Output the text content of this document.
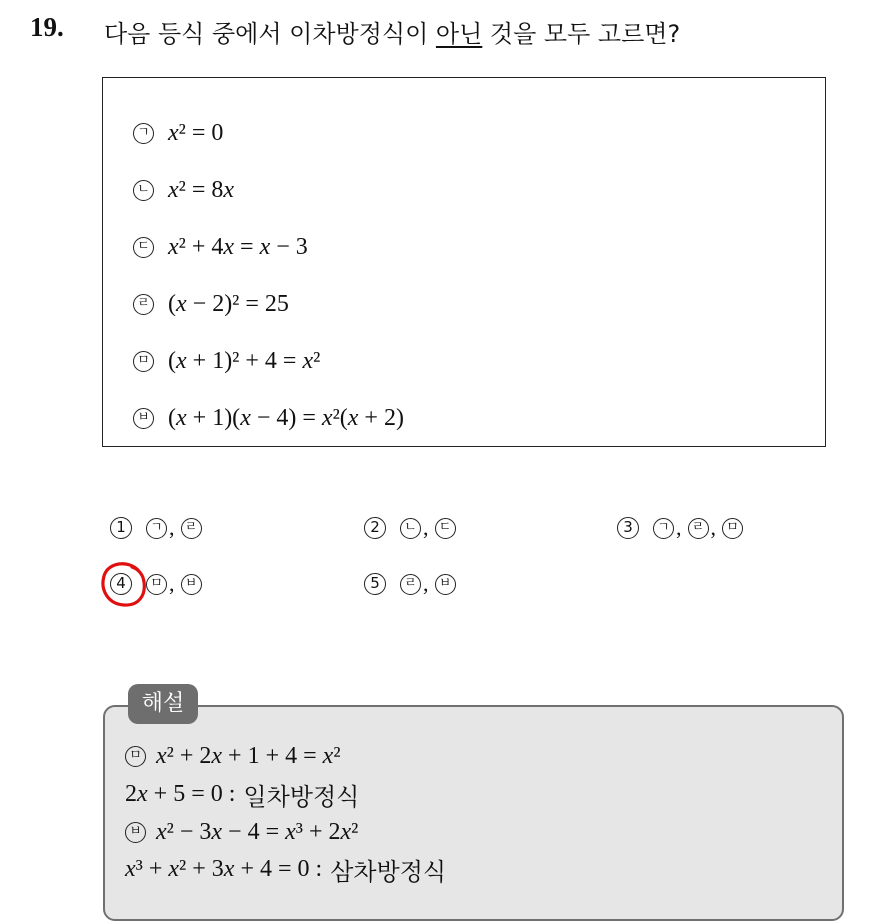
19. 다음 등식 중에서 이차방정식이 아닌 것을 모두 고르면?
ㄱ x² = 0
ㄴ x² = 8x
ㄷ x² + 4x = x − 3
ㄹ (x − 2)² = 25
ㅁ (x + 1)² + 4 = x²
ㅂ (x + 1)(x − 4) = x²(x + 2)
1	ㄱ , ㄹ	2	ㄴ , ㄷ	3	ㄱ , ㄹ , ㅁ
4	ㅁ , ㅂ	5	ㄹ , ㅂ
해설
ㅁ x² + 2x + 1 + 4 = x²
2x + 5 = 0 : 일차방정식
ㅂ x² − 3x − 4 = x³ + 2x²
x³ + x² + 3x + 4 = 0 : 삼차방정식
